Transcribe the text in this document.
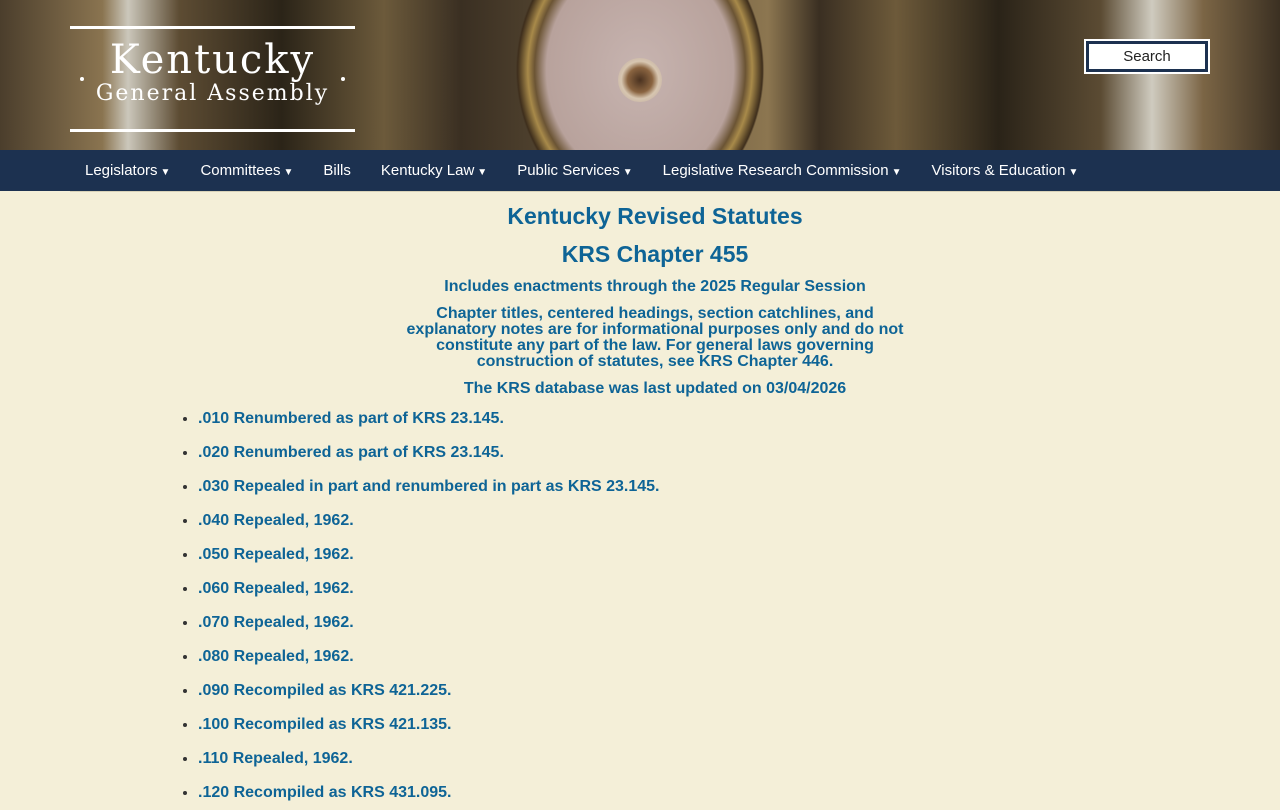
Kentucky
General Assembly
Search
Legislators ▼	Committees ▼	Bills	Kentucky Law ▼	Public Services ▼	Legislative Research Commission ▼	Visitors & Education ▼
Kentucky Revised Statutes
KRS Chapter 455
Includes enactments through the 2025 Regular Session
Chapter titles, centered headings, section catchlines, and explanatory notes are for informational purposes only and do not constitute any part of the law. For general laws governing construction of statutes, see KRS Chapter 446.
The KRS database was last updated on 03/04/2026
• .010 Renumbered as part of KRS 23.145.
• .020 Renumbered as part of KRS 23.145.
• .030 Repealed in part and renumbered in part as KRS 23.145.
• .040 Repealed, 1962.
• .050 Repealed, 1962.
• .060 Repealed, 1962.
• .070 Repealed, 1962.
• .080 Repealed, 1962.
• .090 Recompiled as KRS 421.225.
• .100 Recompiled as KRS 421.135.
• .110 Repealed, 1962.
• .120 Recompiled as KRS 431.095.
